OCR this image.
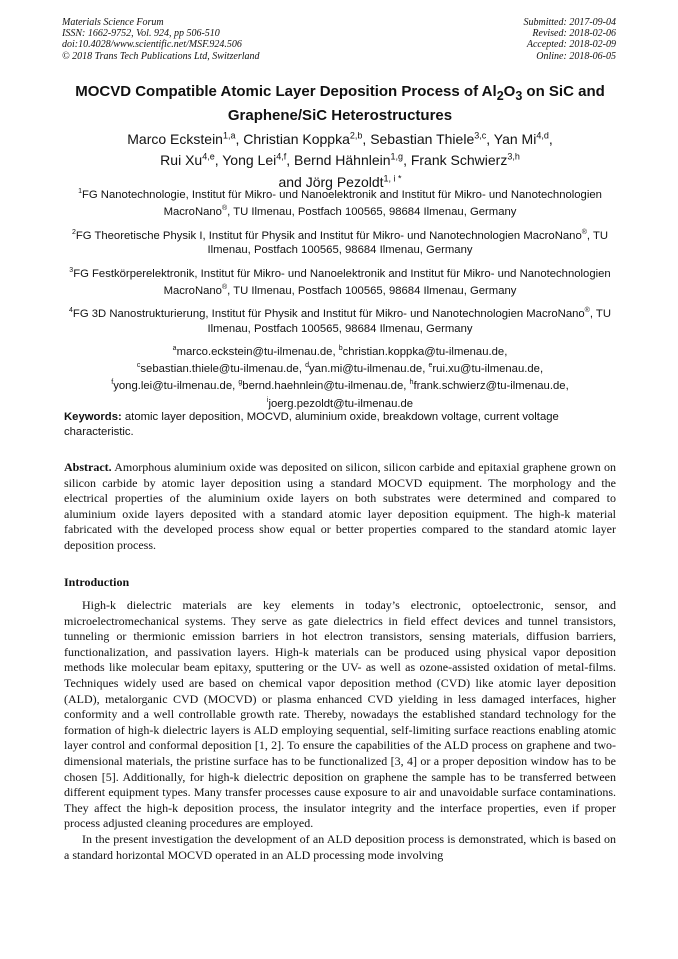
Materials Science Forum
ISSN: 1662-9752, Vol. 924, pp 506-510
doi:10.4028/www.scientific.net/MSF.924.506
© 2018 Trans Tech Publications Ltd, Switzerland
Submitted: 2017-09-04
Revised: 2018-02-06
Accepted: 2018-02-09
Online: 2018-06-05
MOCVD Compatible Atomic Layer Deposition Process of $Al_2O_3$ on SiC and Graphene/SiC Heterostructures
Marco Eckstein$^{1,a}$, Christian Koppka$^{2,b}$, Sebastian Thiele$^{3,c}$, Yan Mi$^{4,d}$,
Rui Xu$^{4,e}$, Yong Lei$^{4,f}$, Bernd Hähnlein$^{1,g}$, Frank Schwierz$^{3,h}$
and Jörg Pezoldt$^{1, i *}$
$^1$FG Nanotechnologie, Institut für Mikro- und Nanoelektronik and Institut für Mikro- und Nanotechnologien MacroNano®, TU Ilmenau, Postfach 100565, 98684 Ilmenau, Germany
$^2$FG Theoretische Physik I, Institut für Physik and Institut für Mikro- und Nanotechnologien MacroNano®, TU Ilmenau, Postfach 100565, 98684 Ilmenau, Germany
$^3$FG Festkörperelektronik, Institut für Mikro- und Nanoelektronik and Institut für Mikro- und Nanotechnologien MacroNano®, TU Ilmenau, Postfach 100565, 98684 Ilmenau, Germany
$^4$FG 3D Nanostrukturierung, Institut für Physik and Institut für Mikro- und Nanotechnologien MacroNano®, TU Ilmenau, Postfach 100565, 98684 Ilmenau, Germany
$^a$marco.eckstein@tu-ilmenau.de, $^b$christian.koppka@tu-ilmenau.de,
$^c$sebastian.thiele@tu-ilmenau.de, $^d$yan.mi@tu-ilmenau.de, $^e$rui.xu@tu-ilmenau.de,
$^f$yong.lei@tu-ilmenau.de, $^g$bernd.haehnlein@tu-ilmenau.de, $^h$frank.schwierz@tu-ilmenau.de,
$^i$joerg.pezoldt@tu-ilmenau.de
Keywords: atomic layer deposition, MOCVD, aluminium oxide, breakdown voltage, current voltage characteristic.
Abstract. Amorphous aluminium oxide was deposited on silicon, silicon carbide and epitaxial graphene grown on silicon carbide by atomic layer deposition using a standard MOCVD equipment. The morphology and the electrical properties of the aluminium oxide layers on both substrates were determined and compared to aluminium oxide layers deposited with a standard atomic layer deposition equipment. The high-k material fabricated with the developed process show equal or better properties compared to the standard atomic layer deposition process.
Introduction

High-k dielectric materials are key elements in today’s electronic, optoelectronic, sensor, and microelectromechanical systems. They serve as gate dielectrics in field effect devices and tunnel transistors, tunneling or thermionic emission barriers in hot electron transistors, sensing materials, diffusion barriers, functionalization, and passivation layers. High-k materials can be produced using physical vapor deposition methods like molecular beam epitaxy, sputtering or the UV- as well as ozone-assisted oxidation of metal-films. Techniques widely used are based on chemical vapor deposition method (CVD) like atomic layer deposition (ALD), metalorganic CVD (MOCVD) or plasma enhanced CVD yielding in less damaged interfaces, higher conformity and a well controllable growth rate. Thereby, nowadays the established standard technology for the formation of high-k dielectric layers is ALD employing sequential, self-limiting surface reactions enabling atomic layer control and conformal deposition [1, 2]. To ensure the capabilities of the ALD process on graphene and two-dimensional materials, the pristine surface has to be functionalized [3, 4] or a proper deposition window has to be chosen [5]. Additionally, for high-k dielectric deposition on graphene the sample has to be transferred between different equipment types. Many transfer processes cause exposure to air and unavoidable surface contaminations. They affect the high-k deposition process, the insulator integrity and the interface properties, even if proper process adjusted cleaning procedures are employed.

In the present investigation the development of an ALD deposition process is demonstrated, which is based on a standard horizontal MOCVD operated in an ALD processing mode involving
